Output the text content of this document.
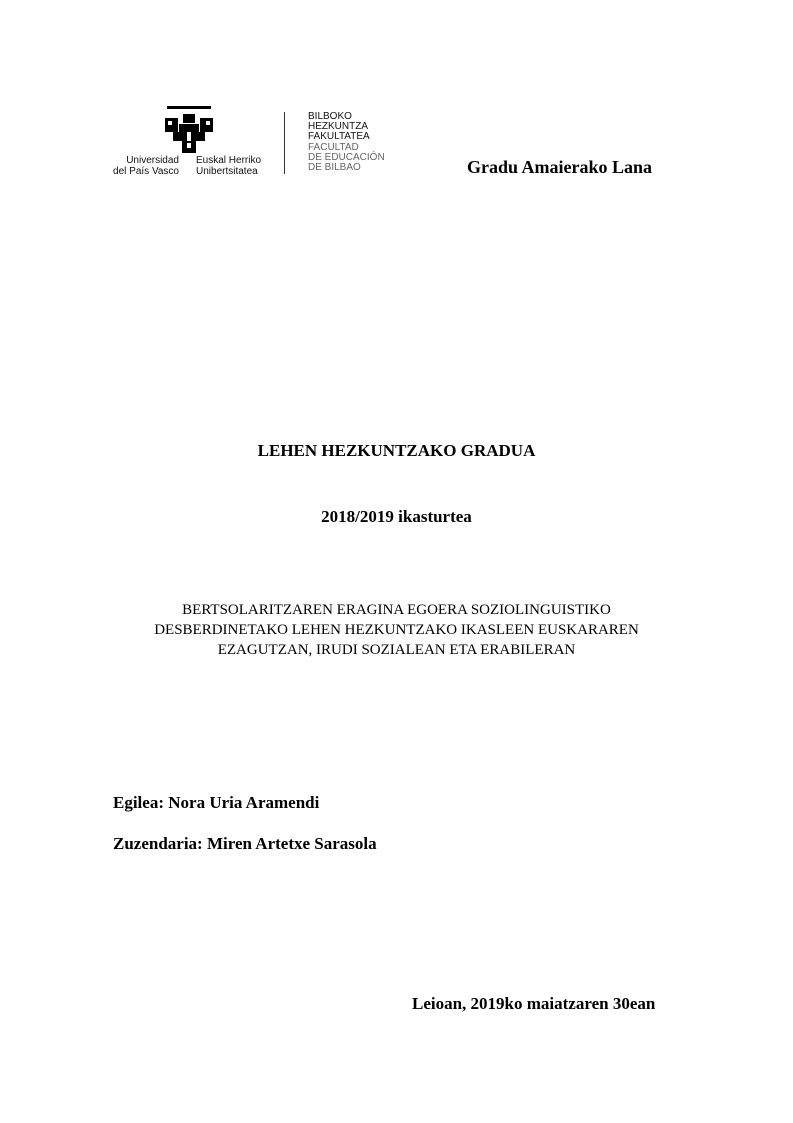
Universidad
del País Vasco
Euskal Herriko
Unibertsitatea
BILBOKO
HEZKUNTZA
FAKULTATEA
FACULTAD
DE EDUCACIÓN
DE BILBAO	Gradu Amaierako Lana
LEHEN HEZKUNTZAKO GRADUA
2018/2019 ikasturtea
BERTSOLARITZAREN ERAGINA EGOERA SOZIOLINGUISTIKO
DESBERDINETAKO LEHEN HEZKUNTZAKO IKASLEEN EUSKARAREN
EZAGUTZAN, IRUDI SOZIALEAN ETA ERABILERAN
Egilea: Nora Uria Aramendi
Zuzendaria: Miren Artetxe Sarasola
Leioan, 2019ko maiatzaren 30ean
